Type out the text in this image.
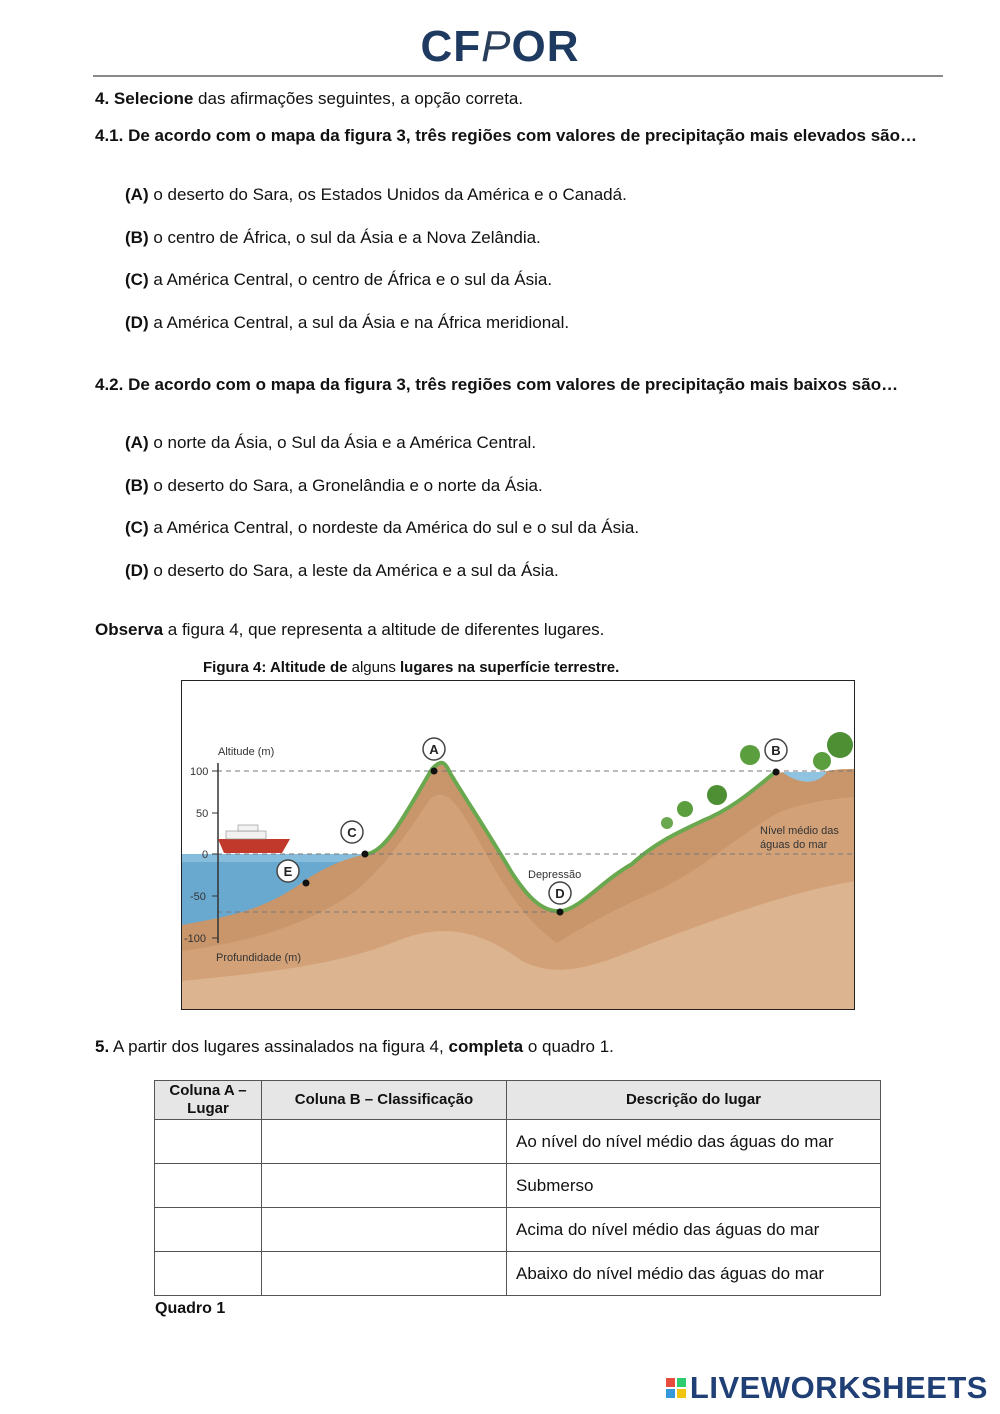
CFPOR
4. Selecione das afirmações seguintes, a opção correta.
4.1. De acordo com o mapa da figura 3, três regiões com valores de precipitação mais elevados são…
(A) o deserto do Sara, os Estados Unidos da América e o Canadá.
(B) o centro de África, o sul da Ásia e a Nova Zelândia.
(C) a América Central, o centro de África e o sul da Ásia.
(D) a América Central, a sul da Ásia e na África meridional.
4.2. De acordo com o mapa da figura 3, três regiões com valores de precipitação mais baixos são…
(A) o norte da Ásia, o Sul da Ásia e a América Central.
(B) o deserto do Sara, a Gronelândia e o norte da Ásia.
(C) a América Central, o nordeste da América do sul e o sul da Ásia.
(D) o deserto do Sara, a leste da América e a sul da Ásia.
Observa a figura 4, que representa a altitude de diferentes lugares.
Figura 4: Altitude de alguns lugares na superfície terrestre.
Altitude (m)
Profundidade (m)
100
50
0
-50
-100
A	B
C
D
E	Depressão
Nível médio das
águas do mar
5. A partir dos lugares assinalados na figura 4, completa o quadro 1.
Coluna A – Lugar	Coluna B – Classificação	Descrição do lugar
		Ao nível do nível médio das águas do mar
		Submerso
		Acima do nível médio das águas do mar
		Abaixo do nível médio das águas do mar
Quadro 1
LIVEWORKSHEETS
